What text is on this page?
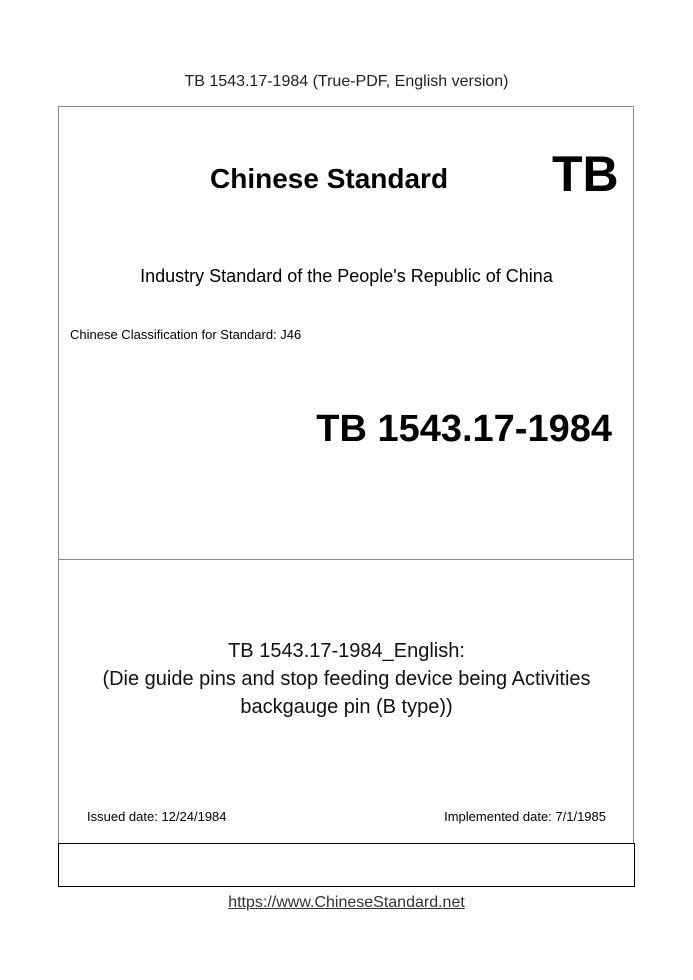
TB 1543.17-1984 (True-PDF, English version)
Chinese Standard TB
Industry Standard of the People's Republic of China
Chinese Classification for Standard: J46
TB 1543.17-1984
TB 1543.17-1984_English:
(Die guide pins and stop feeding device being Activities
backgauge pin (B type))
Issued date: 12/24/1984	Implemented date: 7/1/1985
https://www.ChineseStandard.net
